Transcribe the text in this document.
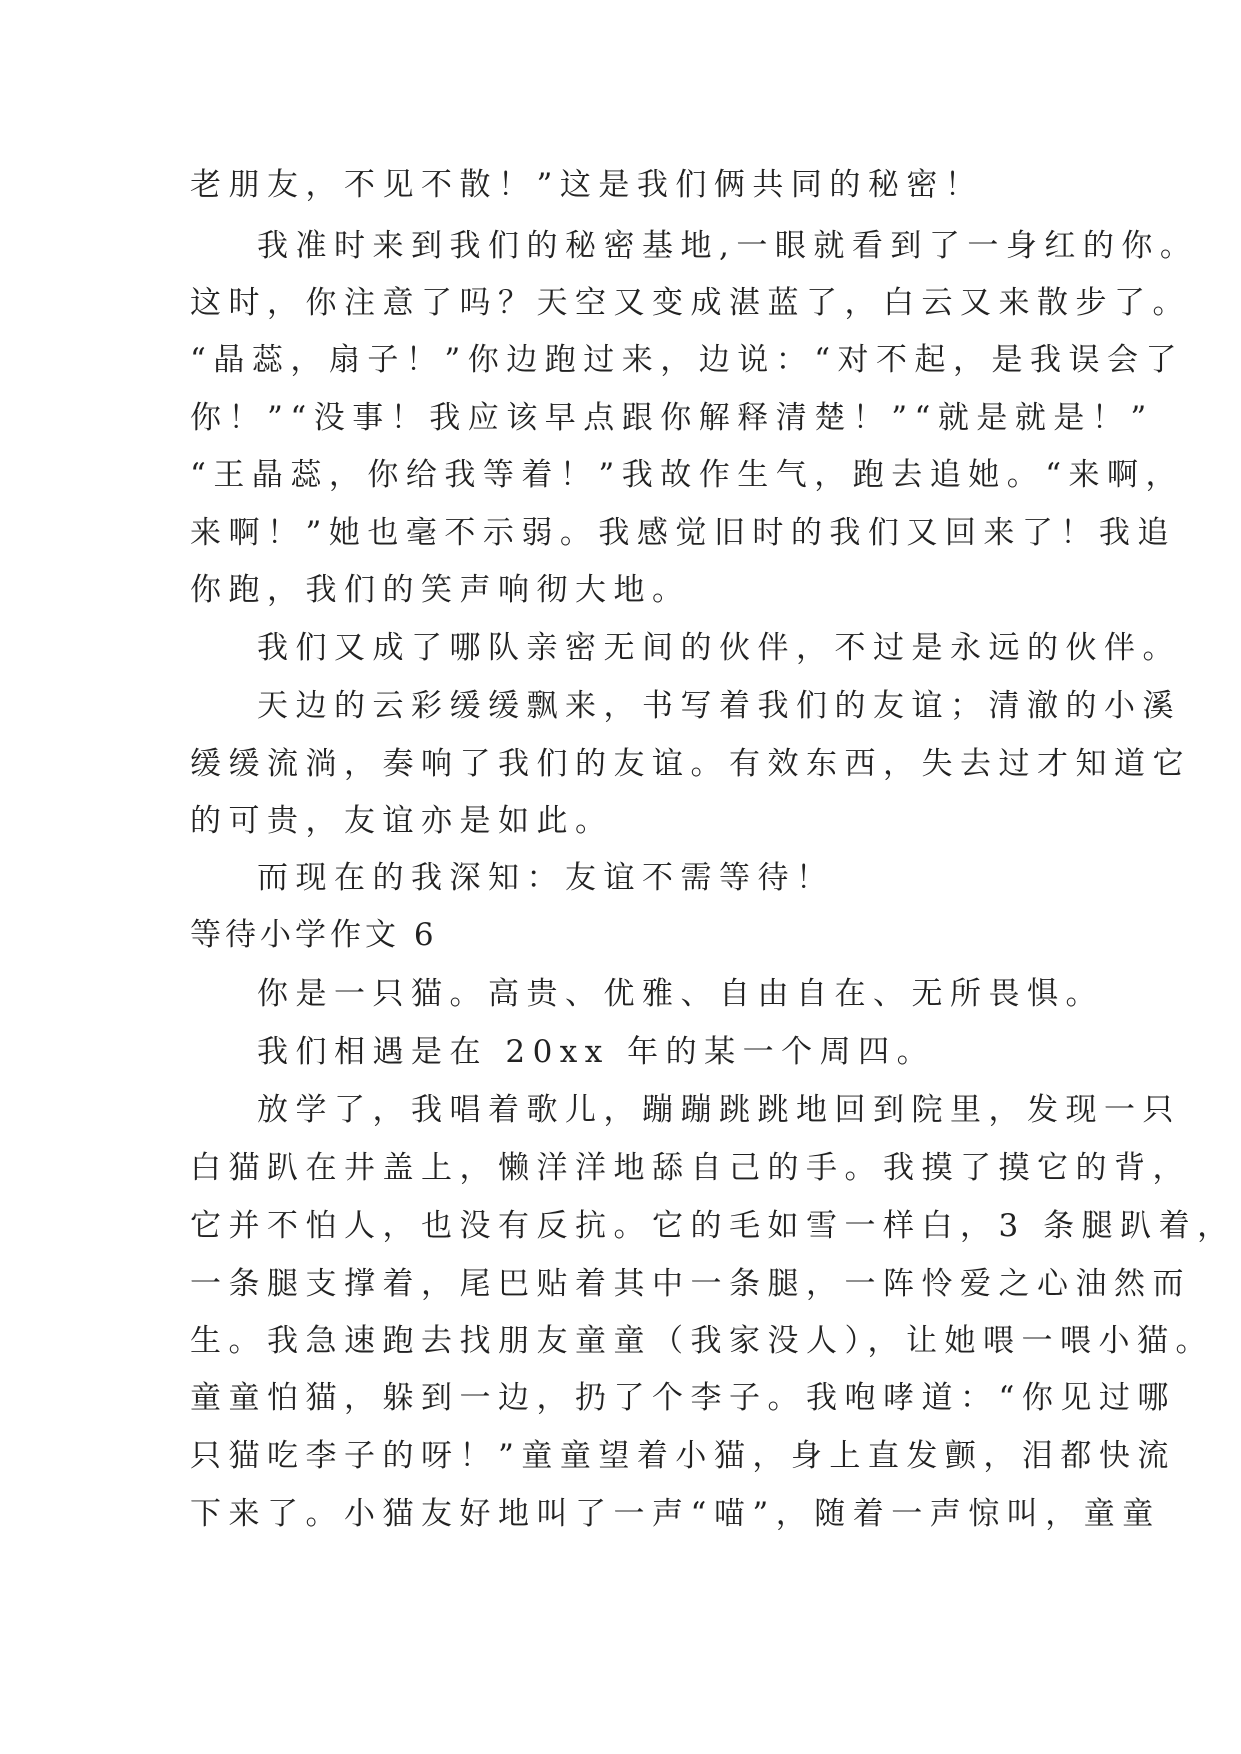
老朋友，不见不散！”这是我们俩共同的秘密！
我准时来到我们的秘密基地,一眼就看到了一身红的你。
这时，你注意了吗？天空又变成湛蓝了，白云又来散步了。
“晶蕊，扇子！”你边跑过来，边说：“对不起，是我误会了
你！”“没事！我应该早点跟你解释清楚！”“就是就是！”
“王晶蕊，你给我等着！”我故作生气，跑去追她。“来啊，
来啊！”她也毫不示弱。我感觉旧时的我们又回来了！我追
你跑，我们的笑声响彻大地。
我们又成了哪队亲密无间的伙伴，不过是永远的伙伴。
天边的云彩缓缓飘来，书写着我们的友谊；清澈的小溪
缓缓流淌，奏响了我们的友谊。有效东西，失去过才知道它
的可贵，友谊亦是如此。
而现在的我深知：友谊不需等待！
等待小学作文 6
你是一只猫。高贵、优雅、自由自在、无所畏惧。
我们相遇是在 20xx 年的某一个周四。
放学了，我唱着歌儿，蹦蹦跳跳地回到院里，发现一只
白猫趴在井盖上，懒洋洋地舔自己的手。我摸了摸它的背，
它并不怕人，也没有反抗。它的毛如雪一样白，3 条腿趴着，
一条腿支撑着，尾巴贴着其中一条腿，一阵怜爱之心油然而
生。我急速跑去找朋友童童（我家没人），让她喂一喂小猫。
童童怕猫，躲到一边，扔了个李子。我咆哮道：“你见过哪
只猫吃李子的呀！”童童望着小猫，身上直发颤，泪都快流
下来了。小猫友好地叫了一声“喵”，随着一声惊叫，童童
